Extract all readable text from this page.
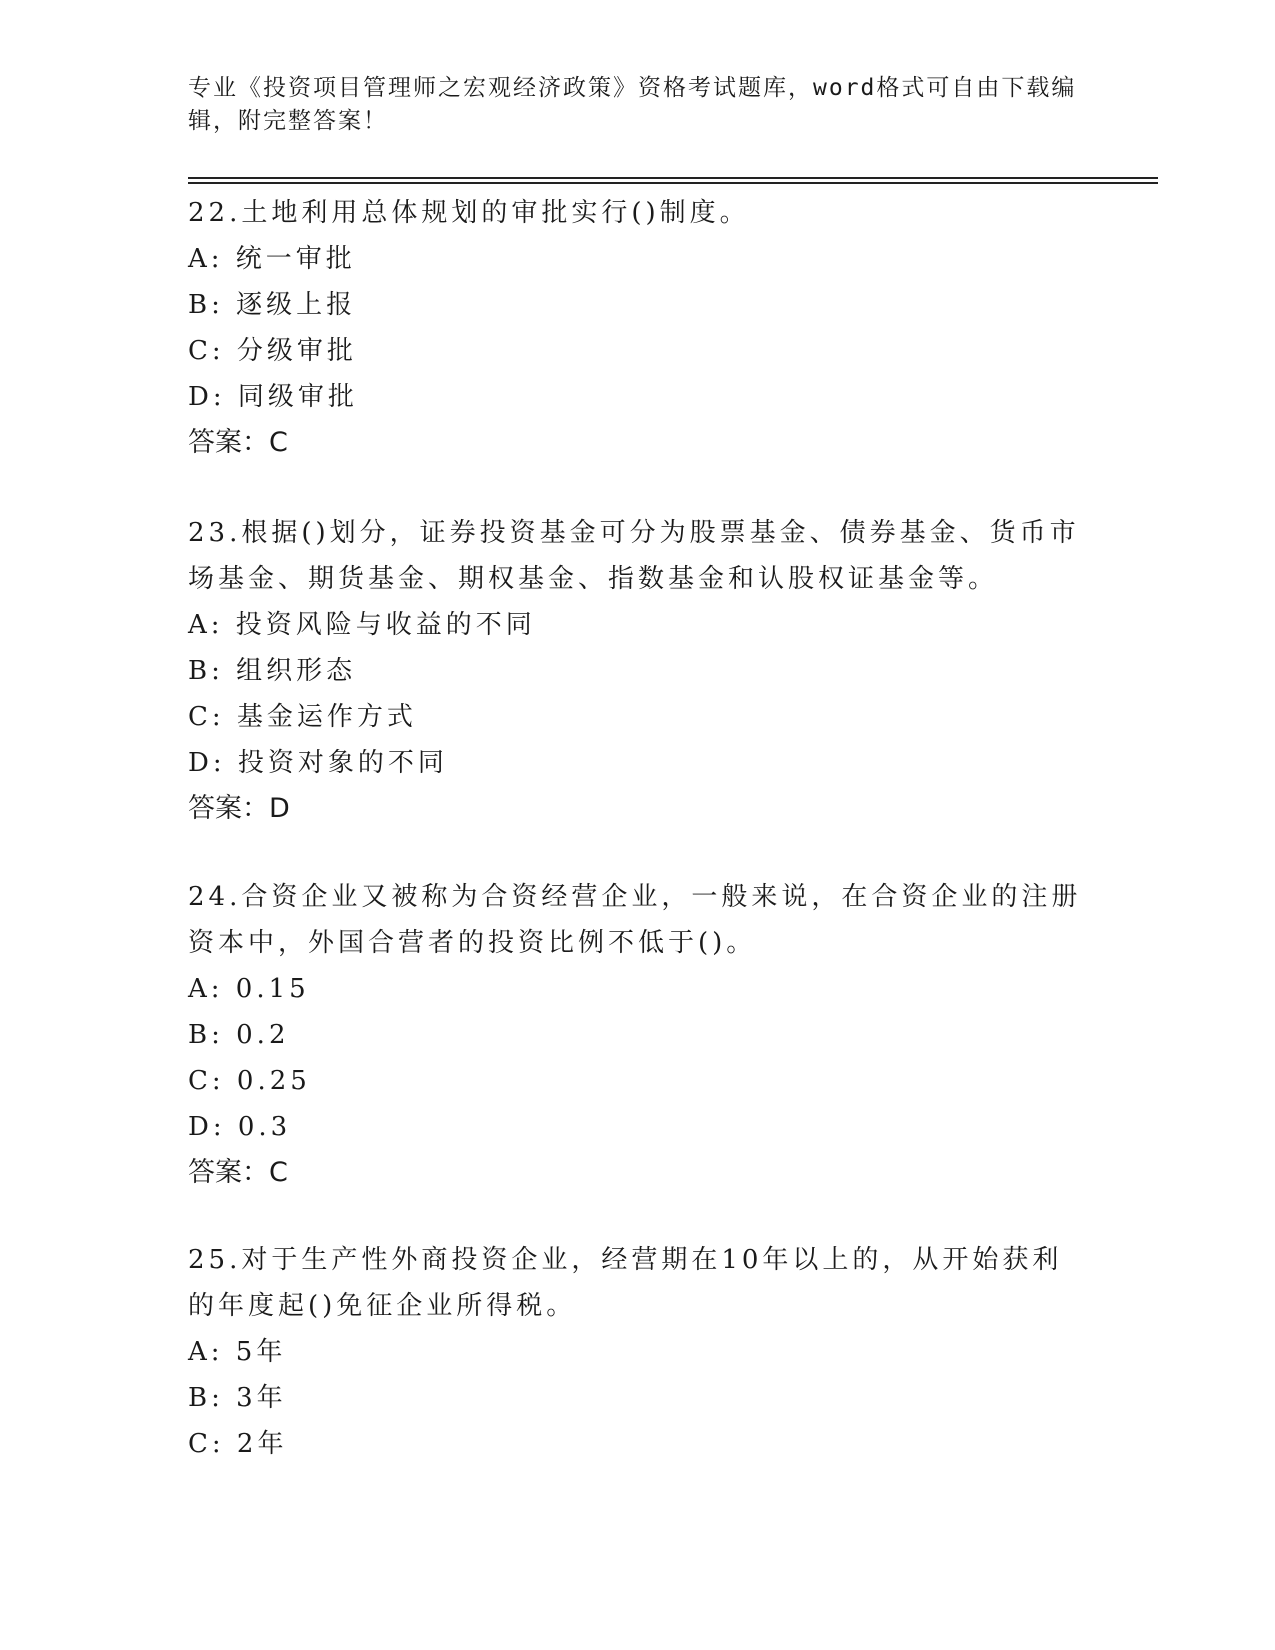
专业《投资项目管理师之宏观经济政策》资格考试题库，word格式可自由下载编辑，附完整答案！

22.土地利用总体规划的审批实行()制度。

A: 统一审批

B: 逐级上报

C: 分级审批

D: 同级审批

答案：C

23.根据()划分，证券投资基金可分为股票基金、债券基金、货币市场基金、期货基金、期权基金、指数基金和认股权证基金等。

A: 投资风险与收益的不同

B: 组织形态

C: 基金运作方式

D: 投资对象的不同

答案：D

24.合资企业又被称为合资经营企业，一般来说，在合资企业的注册资本中，外国合营者的投资比例不低于()。

A: 0.15

B: 0.2

C: 0.25

D: 0.3

答案：C

25.对于生产性外商投资企业，经营期在10年以上的，从开始获利的年度起()免征企业所得税。

A: 5年

B: 3年

C: 2年
